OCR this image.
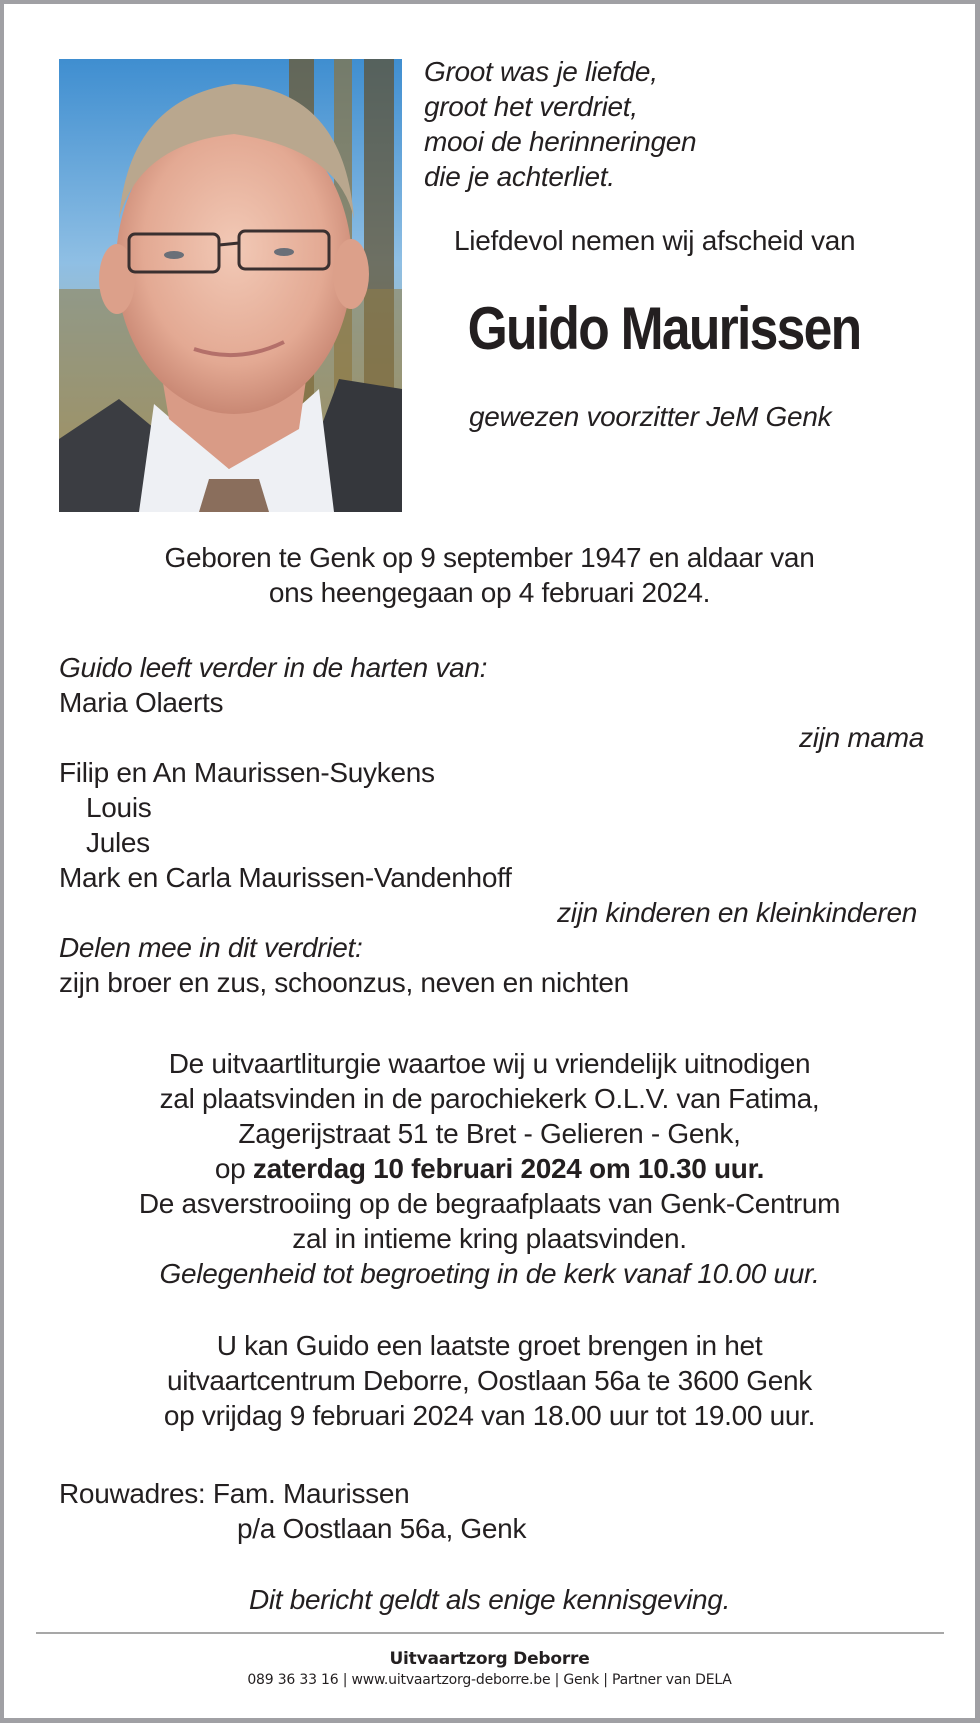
Groot was je liefde,
groot het verdriet,
mooi de herinneringen
die je achterliet.
Liefdevol nemen wij afscheid van
Guido Maurissen
gewezen voorzitter JeM Genk
Geboren te Genk op 9 september 1947 en aldaar van
ons heengegaan op 4 februari 2024.
Guido leeft verder in de harten van:
Maria Olaerts
zijn mama
Filip en An Maurissen-Suykens
Louis
Jules
Mark en Carla Maurissen-Vandenhoff
zijn kinderen en kleinkinderen
Delen mee in dit verdriet:
zijn broer en zus, schoonzus, neven en nichten
De uitvaartliturgie waartoe wij u vriendelijk uitnodigen
zal plaatsvinden in de parochiekerk O.L.V. van Fatima,
Zagerijstraat 51 te Bret - Gelieren - Genk,
op zaterdag 10 februari 2024 om 10.30 uur.
De asverstrooiing op de begraafplaats van Genk-Centrum
zal in intieme kring plaatsvinden.
Gelegenheid tot begroeting in de kerk vanaf 10.00 uur.
U kan Guido een laatste groet brengen in het
uitvaartcentrum Deborre, Oostlaan 56a te 3600 Genk
op vrijdag 9 februari 2024 van 18.00 uur tot 19.00 uur.
Rouwadres: Fam. Maurissen
p/a Oostlaan 56a, Genk
Dit bericht geldt als enige kennisgeving.
Uitvaartzorg Deborre
089 36 33 16 | www.uitvaartzorg-deborre.be | Genk | Partner van DELA
